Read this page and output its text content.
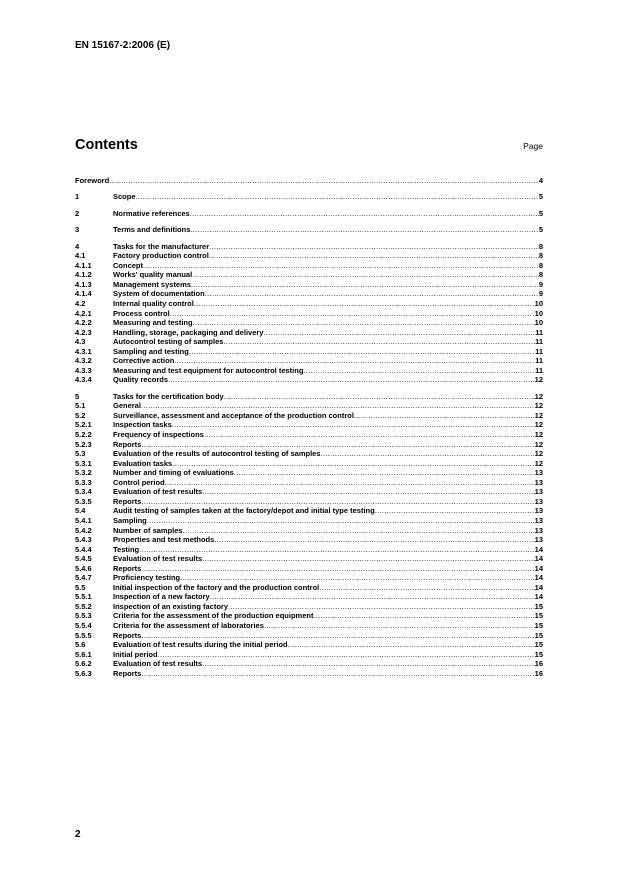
EN 15167-2:2006 (E)
Contents	Page
Foreword .....	4
1	Scope .....	5
2	Normative references .....	5
3	Terms and definitions .....	5
4	Tasks for the manufacturer .....	8
4.1	Factory production control .....	8
4.1.1	Concept .....	8
4.1.2	Works' quality manual .....	8
4.1.3	Management systems .....	9
4.1.4	System of documentation .....	9
4.2	Internal quality control .....	10
4.2.1	Process control .....	10
4.2.2	Measuring and testing .....	10
4.2.3	Handling, storage, packaging and delivery .....	11
4.3	Autocontrol testing of samples .....	11
4.3.1	Sampling and testing .....	11
4.3.2	Corrective action .....	11
4.3.3	Measuring and test equipment for autocontrol testing .....	11
4.3.4	Quality records .....	12
5	Tasks for the certification body .....	12
5.1	General .....	12
5.2	Surveillance, assessment and acceptance of the production control .....	12
5.2.1	Inspection tasks .....	12
5.2.2	Frequency of inspections .....	12
5.2.3	Reports .....	12
5.3	Evaluation of the results of autocontrol testing of samples .....	12
5.3.1	Evaluation tasks .....	12
5.3.2	Number and timing of evaluations .....	13
5.3.3	Control period .....	13
5.3.4	Evaluation of test results .....	13
5.3.5	Reports .....	13
5.4	Audit testing of samples taken at the factory/depot and initial type testing .....	13
5.4.1	Sampling .....	13
5.4.2	Number of samples .....	13
5.4.3	Properties and test methods .....	13
5.4.4	Testing .....	14
5.4.5	Evaluation of test results .....	14
5.4.6	Reports .....	14
5.4.7	Proficiency testing .....	14
5.5	Initial inspection of the factory and the production control .....	14
5.5.1	Inspection of a new factory .....	14
5.5.2	Inspection of an existing factory .....	15
5.5.3	Criteria for the assessment of the production equipment .....	15
5.5.4	Criteria for the assessment of laboratories .....	15
5.5.5	Reports .....	15
5.6	Evaluation of test results during the initial period .....	15
5.6.1	Initial period .....	15
5.6.2	Evaluation of test results .....	16
5.6.3	Reports .....	16
2
